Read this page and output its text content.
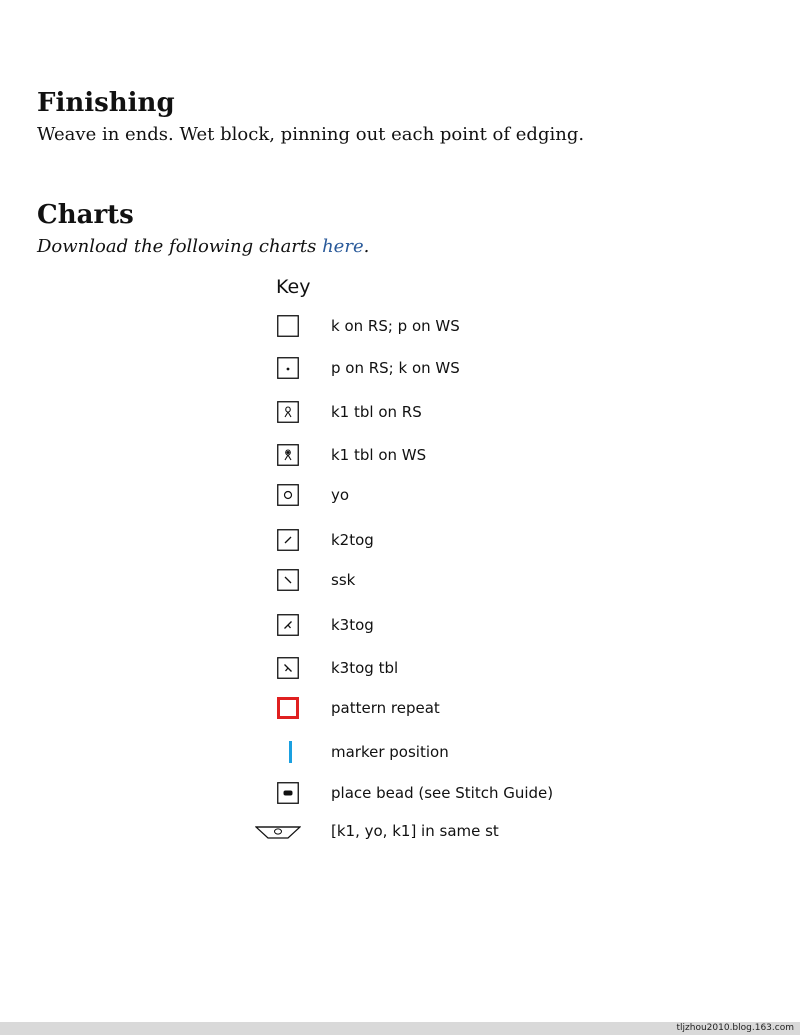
Finishing
Weave in ends. Wet block, pinning out each point of edging.
Charts
Download the following charts here.
Key
k on RS; p on WS
p on RS; k on WS
k1 tbl on RS
k1 tbl on WS
yo
k2tog
ssk
k3tog
k3tog tbl
pattern repeat
marker position
place bead (see Stitch Guide)
[k1, yo, k1] in same st
tljzhou2010.blog.163.com
